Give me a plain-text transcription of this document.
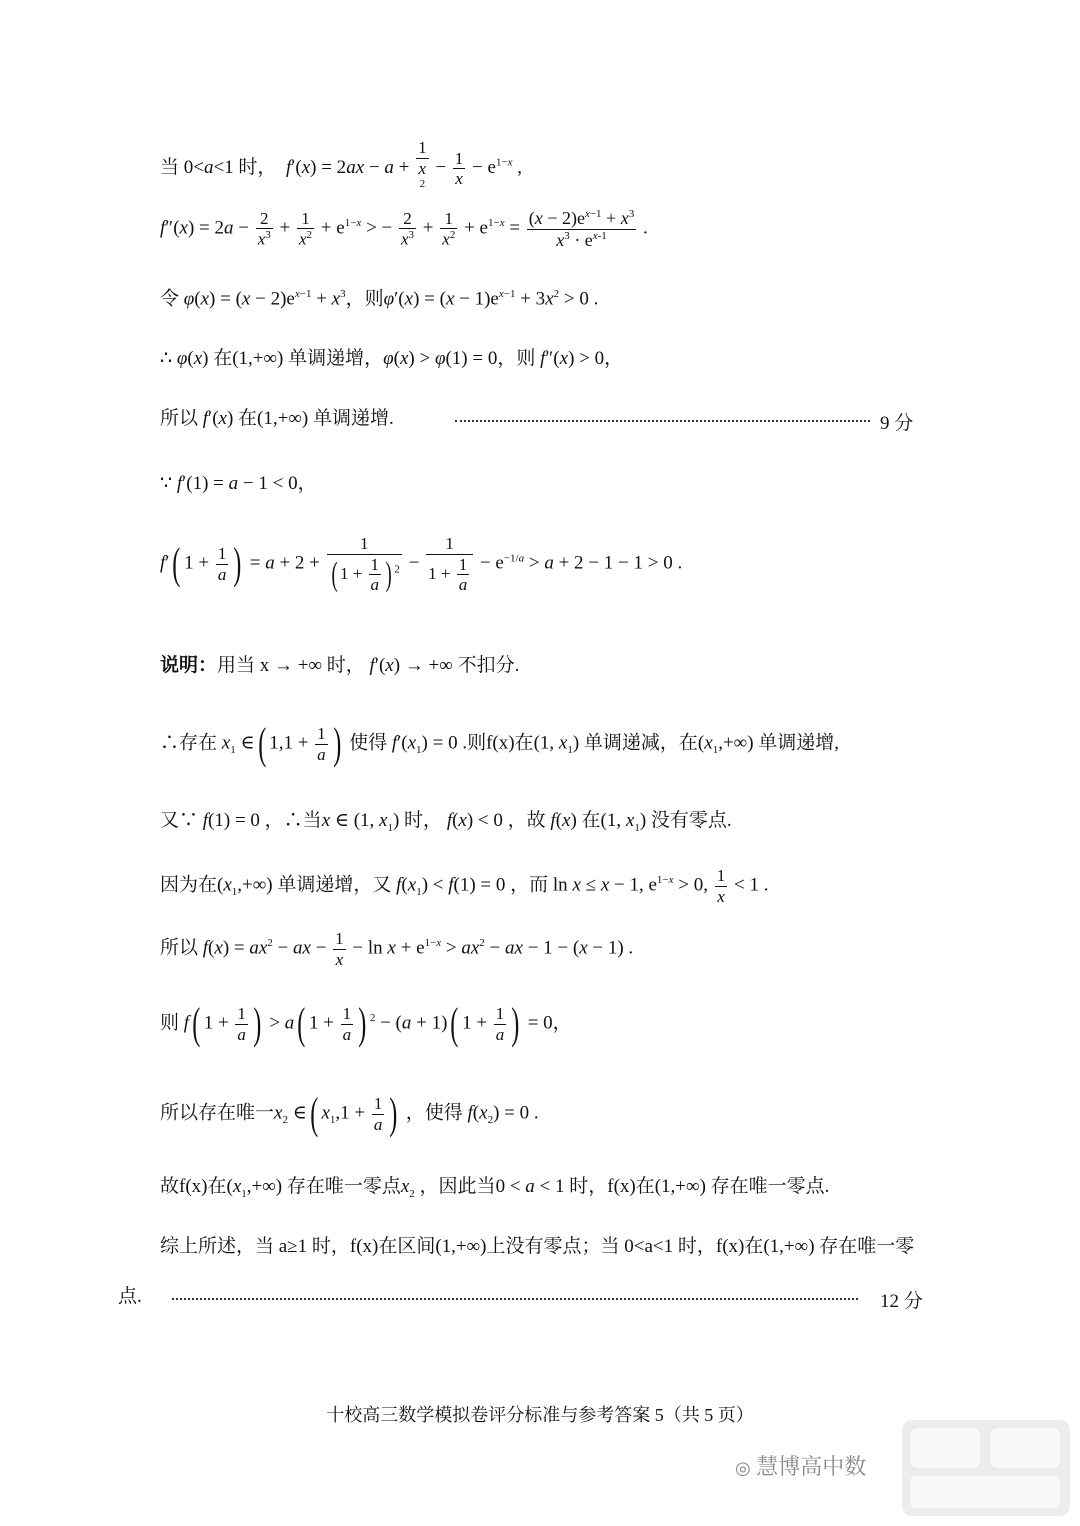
当 0<a<1 时， f′(x) = 2ax − a +
1
x
$^2 - \frac{1}{x} - e^{1-x}$ ,
$f''(x) = 2a - \frac{2}{x^3} + \frac{1}{x^2} + e^{1-x}$ > − $\frac{2}{x^3} + \frac{1}{x^2} + e^{1-x} = \frac{(x - 2)e^{x-1} + x^3}{x^3 \cdot e^{x-1}}$ .
令 $\varphi(x) = (x - 2)e^{x-1} + x^3$，则$\varphi'(x) = (x - 1)e^{x-1} + 3x^2 > 0$ .
∴ φ(x) 在(1,+∞) 单调递增，φ(x) > φ(1) = 0，则 f″(x) > 0，
所以 f′(x) 在(1,+∞) 单调递增.	9 分
∵ f′(1) = a − 1 < 0，
f′( $1 + \frac{1}{a}$ ) = $a + 2 + \frac{1}{( 1 + \frac{1}{a} ) ^2} - \frac{1}{1 + \frac{1}{a}} - e^{-1/a} > a + 2 - 1 - 1 > 0$ .
说明：用当 x → +∞ 时， f′(x) → +∞ 不扣分.
∴存在 $x_1$ ∈( $1,1 + \frac{1}{a}$ ) 使得 $f'(x_1) = 0$ .则f(x)在(1, $x_1$) 单调递减，在$(x_1,+\infty)$ 单调递增,
又∵ f(1) = 0 ，∴当x ∈ (1, $x_1$) 时， f(x) < 0 ，故 f(x) 在(1, $x_1$) 没有零点.
因为在$(x_1,+\infty)$ 单调递增，又 $f(x_1) < f(1) = 0$ ，而 ln x ≤ x − 1, $e^{1-x} > 0$, $\frac{1}{x} < 1$ .
所以 $f(x) = ax^2$ − ax − $\frac{1}{x} - \ln x + e^{1-x} > ax^2$ − ax − 1 − (x − 1) .
则 f( $1 + \frac{1}{a}$ ) > a( $1 + \frac{1}{a}$ ) $^2$ − (a + 1)( $1 + \frac{1}{a}$ ) = 0，
所以存在唯一$x_2$ ∈( $x_1,1 + \frac{1}{a}$ ) ，使得 $f(x_2) = 0$ .
故f(x)在$(x_1,+\infty)$ 存在唯一零点$x_2$ ，因此当0 < a < 1 时，f(x)在(1,+∞) 存在唯一零点.
综上所述，当 a≥1 时，f(x)在区间(1,+∞)上没有零点；当 0<a<1 时，f(x)在(1,+∞) 存在唯一零
点.	12 分
十校高三数学模拟卷评分标准与参考答案 5（共 5 页）
◎ 慧博高中数
